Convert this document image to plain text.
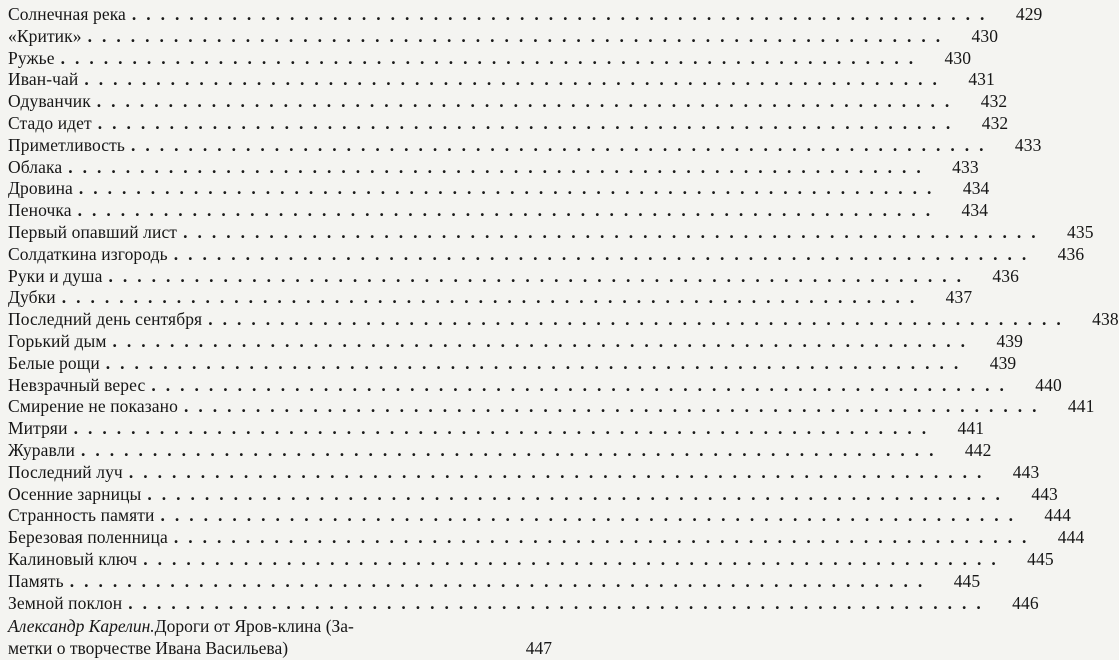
Солнечная река ............................................................	429
«Критик» ............................................................	430
Ружье ............................................................	430
Иван-чай ............................................................	431
Одуванчик ............................................................	432
Стадо идет ............................................................	432
Приметливость ............................................................	433
Облака ............................................................	433
Дровина ............................................................	434
Пеночка ............................................................	434
Первый опавший лист ............................................................	435
Солдаткина изгородь ............................................................	436
Руки и душа ............................................................	436
Дубки ............................................................	437
Последний день сентября ............................................................	438
Горький дым ............................................................	439
Белые рощи ............................................................	439
Невзрачный верес ............................................................	440
Смирение не показано ............................................................	441
Митряи ............................................................	441
Журавли ............................................................	442
Последний луч ............................................................	443
Осенние зарницы ............................................................	443
Странность памяти ............................................................	444
Березовая поленница ............................................................	444
Калиновый ключ ............................................................	445
Память ............................................................	445
Земной поклон ............................................................	446
Александр Карелин. Дороги от Яров-клина (За-
метки о творчестве Ивана Васильева)	447
